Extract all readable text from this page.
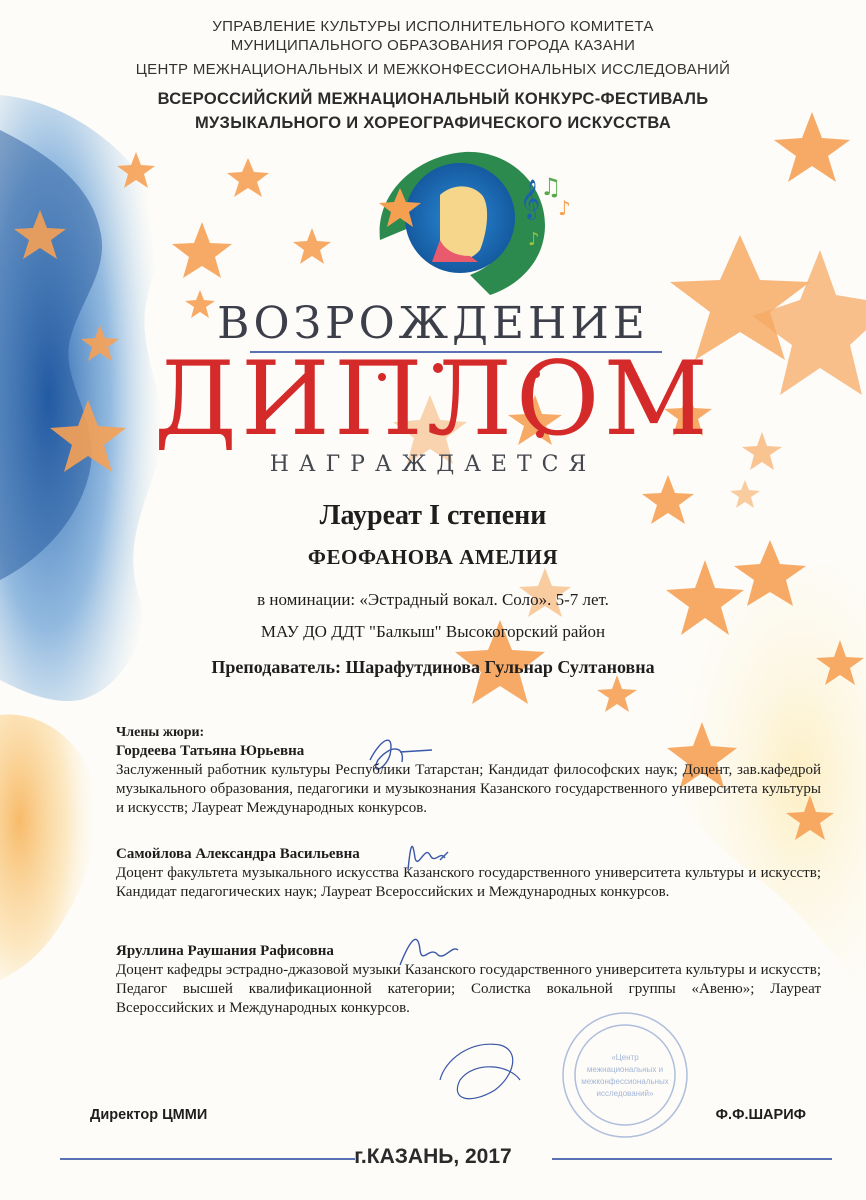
𝄞 ♫
♪
♪
«Центр
межнациональных и
межконфессиональных
исследований»
УПРАВЛЕНИЕ КУЛЬТУРЫ ИСПОЛНИТЕЛЬНОГО КОМИТЕТА
МУНИЦИПАЛЬНОГО ОБРАЗОВАНИЯ ГОРОДА КАЗАНИ
ЦЕНТР МЕЖНАЦИОНАЛЬНЫХ И МЕЖКОНФЕССИОНАЛЬНЫХ ИССЛЕДОВАНИЙ
ВСЕРОССИЙСКИЙ МЕЖНАЦИОНАЛЬНЫЙ КОНКУРС-ФЕСТИВАЛЬ
МУЗЫКАЛЬНОГО И ХОРЕОГРАФИЧЕСКОГО ИСКУССТВА
ВОЗРОЖДЕНИЕ
ДИПЛОМ
НАГРАЖДАЕТСЯ
Лауреат I степени
ФЕОФАНОВА АМЕЛИЯ
в номинации: «Эстрадный вокал. Соло». 5-7 лет.
МАУ ДО ДДТ "Балкыш" Высокогорский район
Преподаватель: Шарафутдинова Гульнар Султановна
Члены жюри:
Гордеева Татьяна Юрьевна
Заслуженный работник культуры Республики Татарстан; Кандидат философских наук; Доцент, зав.кафедрой музыкального образования, педагогики и музыкознания Казанского государственного университета культуры и искусств; Лауреат Международных конкурсов.
Самойлова Александра Васильевна
Доцент факультета музыкального искусства Казанского государственного университета культуры и искусств; Кандидат педагогических наук; Лауреат Всероссийских и Международных конкурсов.
Яруллина Раушания Рафисовна
Доцент кафедры эстрадно-джазовой музыки Казанского государственного университета культуры и искусств; Педагог высшей квалификационной категории; Солистка вокальной группы «Авеню»; Лауреат Всероссийских и Международных конкурсов.
Директор ЦММИ	Ф.Ф.ШАРИФ
г.КАЗАНЬ, 2017
